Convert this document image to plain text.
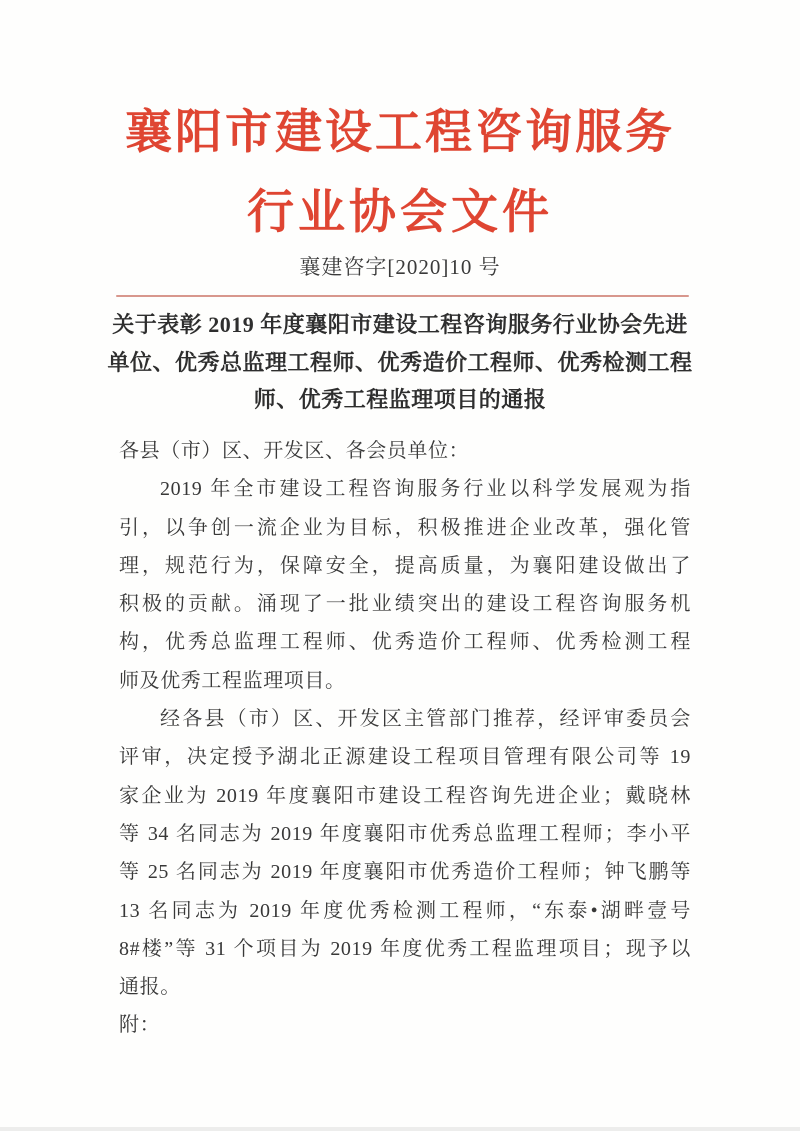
襄阳市建设工程咨询服务
行业协会文件
襄建咨字[2020]10 号
关于表彰 2019 年度襄阳市建设工程咨询服务行业协会先进
单位、优秀总监理工程师、优秀造价工程师、优秀检测工程
师、优秀工程监理项目的通报
各县（市）区、开发区、各会员单位：
2019 年全市建设工程咨询服务行业以科学发展观为指
引，以争创一流企业为目标，积极推进企业改革，强化管
理，规范行为，保障安全，提高质量，为襄阳建设做出了
积极的贡献。涌现了一批业绩突出的建设工程咨询服务机
构，优秀总监理工程师、优秀造价工程师、优秀检测工程
师及优秀工程监理项目。
经各县（市）区、开发区主管部门推荐，经评审委员会
评审，决定授予湖北正源建设工程项目管理有限公司等 19
家企业为 2019 年度襄阳市建设工程咨询先进企业；戴晓林
等 34 名同志为 2019 年度襄阳市优秀总监理工程师；李小平
等 25 名同志为 2019 年度襄阳市优秀造价工程师；钟飞鹏等
13 名同志为 2019 年度优秀检测工程师，“东泰•湖畔壹号
8#楼”等 31 个项目为 2019 年度优秀工程监理项目；现予以
通报。
附：
